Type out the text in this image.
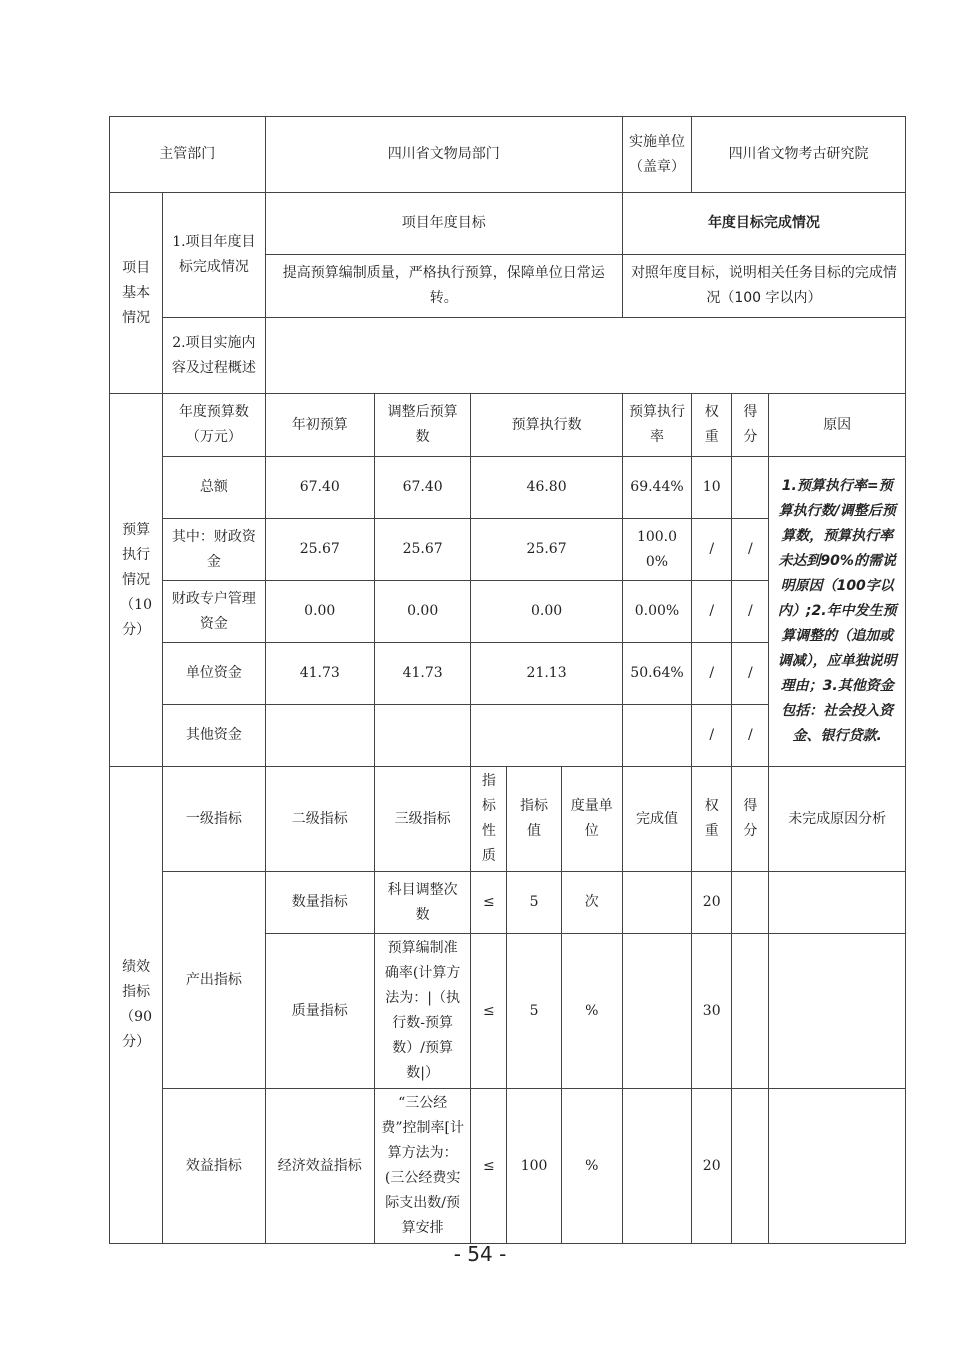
主管部门		四川省文物局部门					实施单位 （盖章）	四川省文物考古研究院		
项目基本情况	1.项目年度目标完成情况	项目年度目标					年度目标完成情况			
		提高预算编制质量，严格执行预算，保障单位日常运转。					对照年度目标，说明相关任务目标的完成情况（100 字以内）			
	2.项目实施内容及过程概述									
预算执行情况（10分）	年度预算数（万元）	年初预算	调整后预算数	预算执行数			预算执行率	权重	得分	原因
	总额	67.40	67.40	46.80			69.44%	10		1.预算执行率=预算执行数/调整后预算数，预算执行率未达到90%的需说明原因（100字以内）;2.年中发生预算调整的（追加或调减），应单独说明理由；3.其他资金包括：社会投入资金、银行贷款.
	其中：财政资金	25.67	25.67	25.67			100.00%	/	/	
	财政专户管理资金	0.00	0.00	0.00			0.00%	/	/	
	单位资金	41.73	41.73	21.13			50.64%	/	/	
	其他资金							/	/	
绩效指标（90分）	一级指标	二级指标	三级指标	指标性质	指标值	度量单位	完成值	权重	得分	未完成原因分析
	产出指标	数量指标	科目调整次数	≤	5	次		20		
		质量指标	预算编制准确率(计算方法为：|（执行数-预算数）/预算数|）	≤	5	%		30		
	效益指标	经济效益指标	“三公经费”控制率[计算方法为：(三公经费实际支出数/预算安排	≤	100	%		20		
- 54 -
